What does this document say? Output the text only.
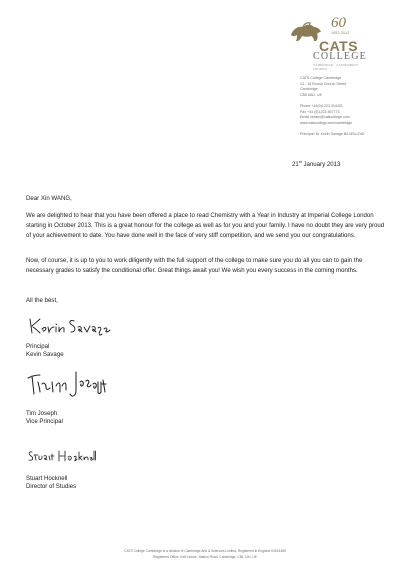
60
1952-2012
CATS
COLLEGE
CAMBRIDGE · CANTERBURY · LONDON
CATS College Cambridge
13 - 15 Round Church Street
Cambridge
CB5 8AD, UK
Phone +44(0)1223 314431
Fax +44 (0)1223 467773
Email cscam@catscollege.com
www.catscollege.com/cambridge
Principal: Dr Kevin Savage BA MSc EdD
21st January 2013
Dear Xin WANG,
We are delighted to hear that you have been offered a place to read Chemistry with a Year in Industry at Imperial College London starting in October 2013. This is a great honour for the college as well as for you and your family. I have no doubt they are very proud of your achievement to date. You have done well in the face of very stiff competition, and we send you our congratulations.
Now, of course, it is up to you to work diligently with the full support of the college to make sure you do all you can to gain the necessary grades to satisfy the conditional offer. Great things await you! We wish you every success in the coming months.
All the best,
Principal
Kevin Savage
Tim Joseph
Vice Principal
Stuart Hocknell
Director of Studies
CATS College Cambridge is a division of Cambridge Arts & Sciences Limited, Registered in England 03014480
Registered Office: Kett House, Station Road, Cambridge, CB1 2JH, UK
